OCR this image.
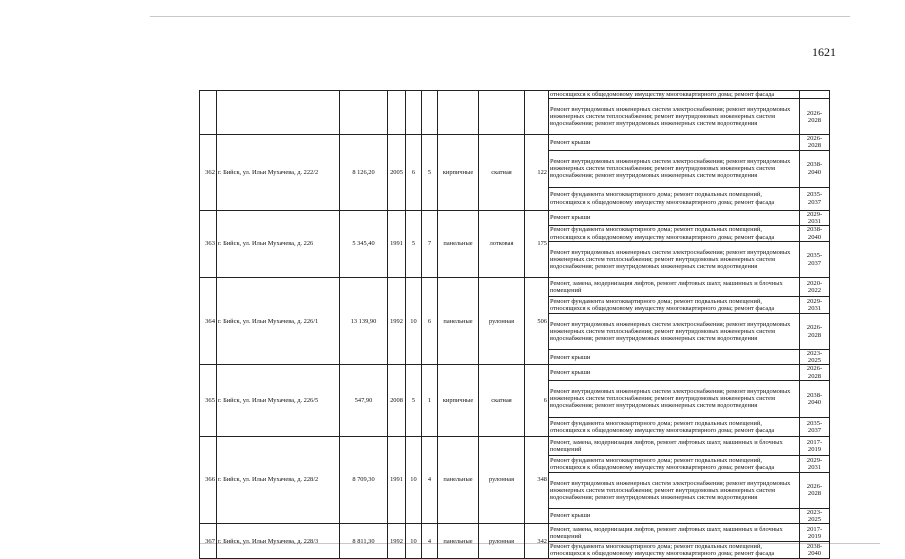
1621
									относящихся к общедомовому имуществу многоквартирного дома; ремонт фасада	
									Ремонт внутридомовых инженерных систем электроснабжения; ремонт внутридомовых инженерных систем теплоснабжения; ремонт внутридомовых инженерных систем водоснабжения; ремонт внутридомовых инженерных систем водоотведения	2026-2028
362	г. Бийск, ул. Ильи Мухачева, д. 222/2	8 126,20	2005	6	5	кирпичные	скатная	122	Ремонт крыши	2026-2028
									Ремонт внутридомовых инженерных систем электроснабжения; ремонт внутридомовых инженерных систем теплоснабжения; ремонт внутридомовых инженерных систем водоснабжения; ремонт внутридомовых инженерных систем водоотведения	2038-2040
									Ремонт фундамента многоквартирного дома; ремонт подвальных помещений, относящихся к общедомовому имуществу многоквартирного дома; ремонт фасада	2035-2037
363	г. Бийск, ул. Ильи Мухачева, д. 226	5 345,40	1991	5	7	панельные	лотковая	175	Ремонт крыши	2029-2031
									Ремонт фундамента многоквартирного дома; ремонт подвальных помещений, относящихся к общедомовому имуществу многоквартирного дома; ремонт фасада	2038-2040
									Ремонт внутридомовых инженерных систем электроснабжения; ремонт внутридомовых инженерных систем теплоснабжения; ремонт внутридомовых инженерных систем водоснабжения; ремонт внутридомовых инженерных систем водоотведения	2035-2037
364	г. Бийск, ул. Ильи Мухачева, д. 226/1	13 139,90	1992	10	6	панельные	рулонная	506	Ремонт, замена, модернизация лифтов, ремонт лифтовых шахт, машинных и блочных помещений	2020-2022
									Ремонт фундамента многоквартирного дома; ремонт подвальных помещений, относящихся к общедомовому имуществу многоквартирного дома; ремонт фасада	2029-2031
									Ремонт внутридомовых инженерных систем электроснабжения; ремонт внутридомовых инженерных систем теплоснабжения; ремонт внутридомовых инженерных систем водоснабжения; ремонт внутридомовых инженерных систем водоотведения	2026-2028
									Ремонт крыши	2023-2025
365	г. Бийск, ул. Ильи Мухачева, д. 226/5	547,90	2008	5	1	кирпичные	скатная	6	Ремонт крыши	2026-2028
									Ремонт внутридомовых инженерных систем электроснабжения; ремонт внутридомовых инженерных систем теплоснабжения; ремонт внутридомовых инженерных систем водоснабжения; ремонт внутридомовых инженерных систем водоотведения	2038-2040
									Ремонт фундамента многоквартирного дома; ремонт подвальных помещений, относящихся к общедомовому имуществу многоквартирного дома; ремонт фасада	2035-2037
366	г. Бийск, ул. Ильи Мухачева, д. 228/2	8 709,30	1991	10	4	панельные	рулонная	348	Ремонт, замена, модернизация лифтов, ремонт лифтовых шахт, машинных и блочных помещений	2017-2019
									Ремонт фундамента многоквартирного дома; ремонт подвальных помещений, относящихся к общедомовому имуществу многоквартирного дома; ремонт фасада	2029-2031
									Ремонт внутридомовых инженерных систем электроснабжения; ремонт внутридомовых инженерных систем теплоснабжения; ремонт внутридомовых инженерных систем водоснабжения; ремонт внутридомовых инженерных систем водоотведения	2026-2028
									Ремонт крыши	2023-2025
367	г. Бийск, ул. Ильи Мухачева, д. 228/3	8 811,30	1992	10	4	панельные	рулонная	342	Ремонт, замена, модернизация лифтов, ремонт лифтовых шахт, машинных и блочных помещений	2017-2019
									Ремонт фундамента многоквартирного дома; ремонт подвальных помещений, относящихся к общедомовому имуществу многоквартирного дома; ремонт фасада	2038-2040
